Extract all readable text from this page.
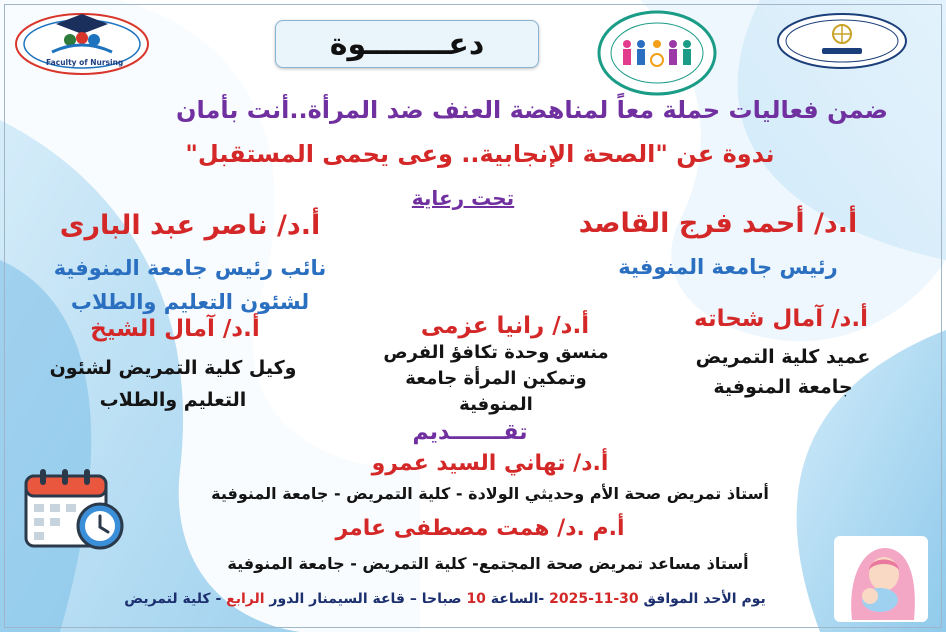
Faculty of Nursing
دعــــــــوة
ضمن فعاليات حملة معاً لمناهضة العنف ضد المرأة..أنت بأمان
ندوة عن "الصحة الإنجابية.. وعى يحمى المستقبل"
تحت رعاية
أ.د/ أحمد فرج القاصد
رئيس جامعة المنوفية
أ.د/ ناصر عبد البارى
نائب رئيس جامعة المنوفية
لشئون التعليم والطلاب
أ.د/ آمال شحاته
عميد كلية التمريض
جامعة المنوفية
أ.د/ رانيا عزمى
منسق وحدة تكافؤ الفرص
وتمكين المرأة جامعة
المنوفية
أ.د/ آمال الشيخ
وكيل كلية التمريض لشئون
التعليم والطلاب
تقـــــــديم
أ.د/ تهاني السيد عمرو
أستاذ تمريض صحة الأم وحديثي الولادة - كلية التمريض - جامعة المنوفية
أ.م .د/ همت مصطفى عامر
أستاذ مساعد تمريض صحة المجتمع- كلية التمريض - جامعة المنوفية
يوم الأحد الموافق 30-11-2025 -الساعة 10 صباحا – قاعة السيمنار الدور الرابع - كلية لتمريض
